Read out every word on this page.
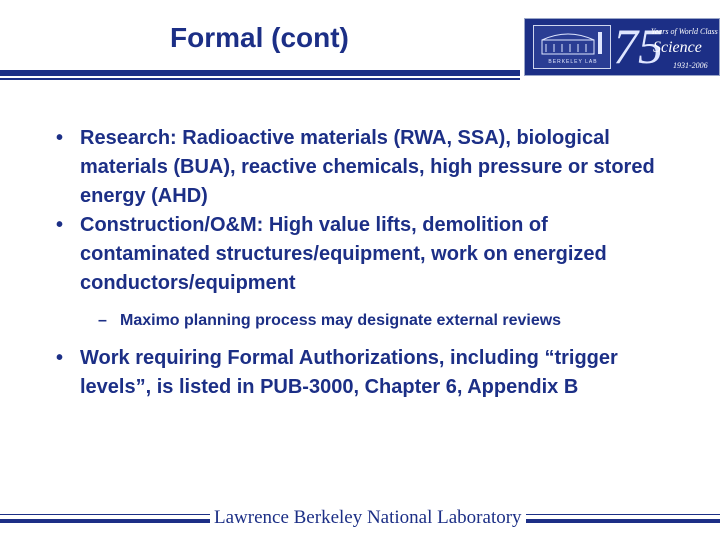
Formal (cont)
BERKELEY LAB 75
Years of World Class
Science
1931-2006
• Research: Radioactive materials (RWA, SSA), biological materials (BUA), reactive chemicals, high pressure or stored energy (AHD)
• Construction/O&M: High value lifts, demolition of contaminated structures/equipment, work on energized conductors/equipment
– Maximo planning process may designate external reviews
• Work requiring Formal Authorizations, including “trigger levels”, is listed in PUB-3000, Chapter 6, Appendix B
Lawrence Berkeley National Laboratory
